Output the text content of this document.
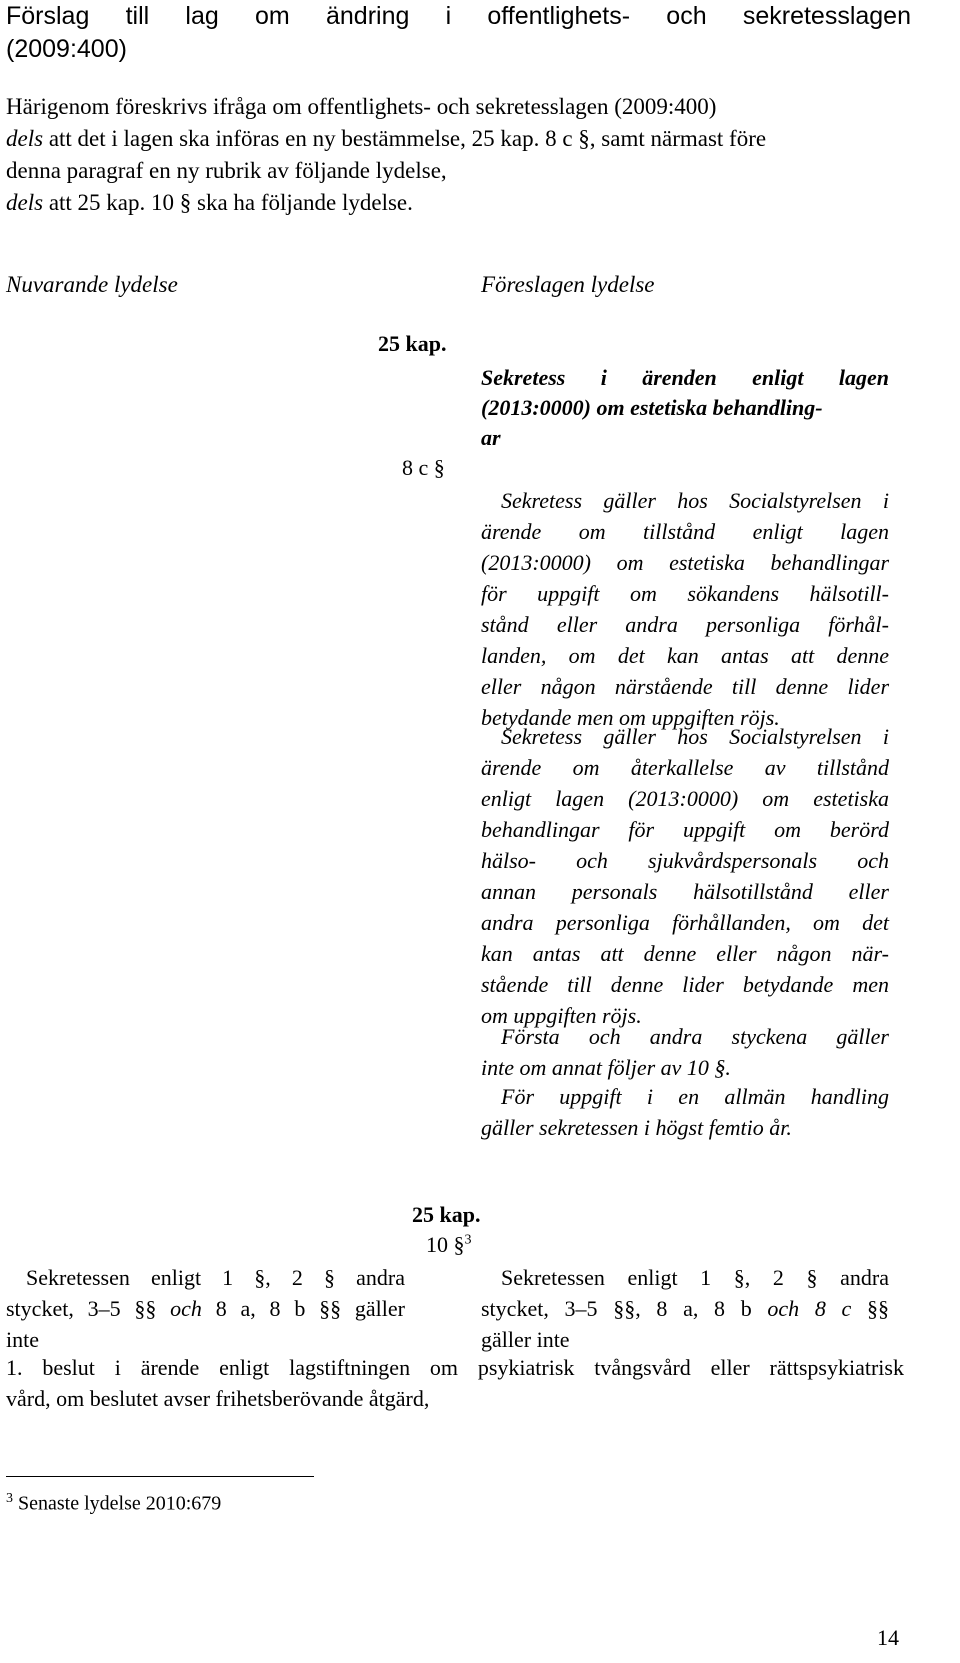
Förslag till lag om ändring i offentlighets- och sekretesslagen
(2009:400)
Härigenom föreskrivs ifråga om offentlighets- och sekretesslagen (2009:400)
dels att det i lagen ska införas en ny bestämmelse, 25 kap. 8 c §, samt närmast före
denna paragraf en ny rubrik av följande lydelse,
dels att 25 kap. 10 § ska ha följande lydelse.
Nuvarande lydelse	Föreslagen lydelse
25 kap.
8 c §
Sekretess i ärenden enligt lagen
(2013:0000) om estetiska behandling-
ar
Sekretess gäller hos Socialstyrelsen i
ärende om tillstånd enligt lagen
(2013:0000) om estetiska behandlingar
för uppgift om sökandens hälsotill-
stånd eller andra personliga förhål-
landen, om det kan antas att denne
eller någon närstående till denne lider
betydande men om uppgiften röjs.
Sekretess gäller hos Socialstyrelsen i
ärende om återkallelse av tillstånd
enligt lagen (2013:0000) om estetiska
behandlingar för uppgift om berörd
hälso- och sjukvårdspersonals och
annan personals hälsotillstånd eller
andra personliga förhållanden, om det
kan antas att denne eller någon när-
stående till denne lider betydande men
om uppgiften röjs.
Första och andra styckena gäller
inte om annat följer av 10 §.
För uppgift i en allmän handling
gäller sekretessen i högst femtio år.
25 kap.
10 §$^3$
Sekretessen enligt 1 §, 2 § andra
stycket, 3–5 §§ och 8 a, 8 b §§ gäller
inte
Sekretessen enligt 1 §, 2 § andra
stycket, 3–5 §§, 8 a, 8 b och 8 c §§
gäller inte
1. beslut i ärende enligt lagstiftningen om psykiatrisk tvångsvård eller rättspsykiatrisk
vård, om beslutet avser frihetsberövande åtgärd,
$^3$ Senaste lydelse 2010:679
14
